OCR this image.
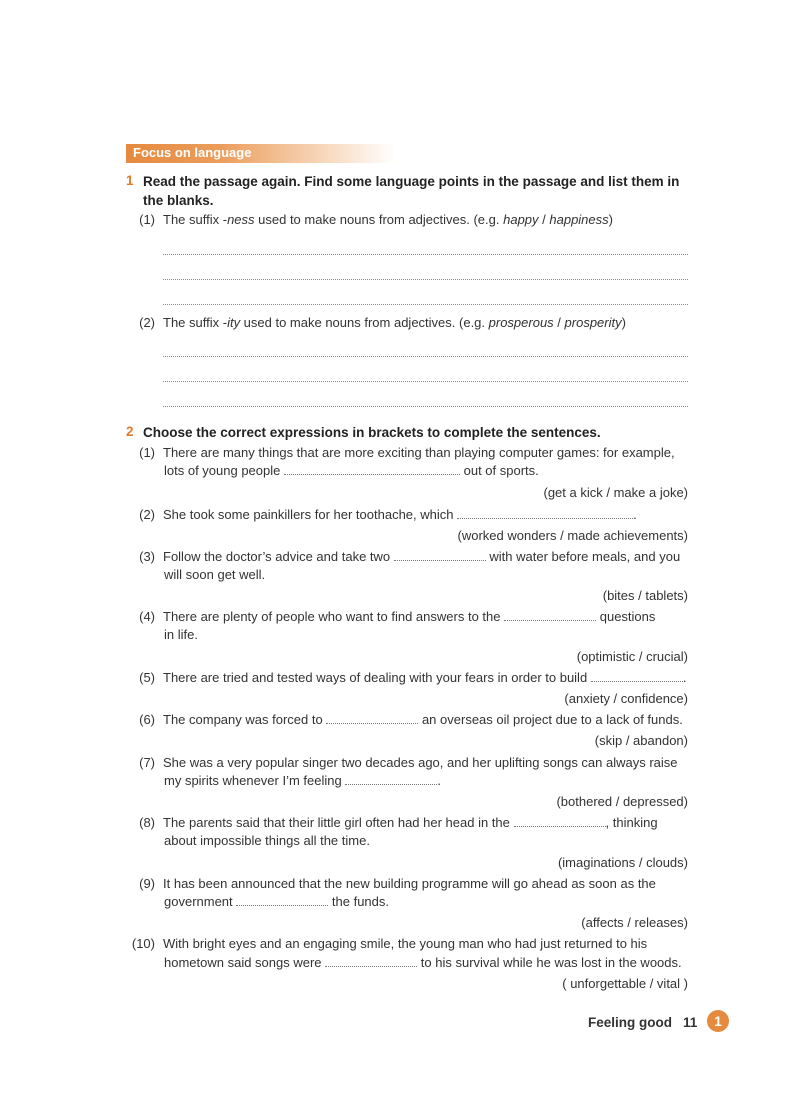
Focus on language
1 Read the passage again. Find some language points in the passage and list them in the blanks.
(1) The suffix -ness used to make nouns from adjectives. (e.g. happy / happiness)
(2) The suffix -ity used to make nouns from adjectives. (e.g. prosperous / prosperity)
2 Choose the correct expressions in brackets to complete the sentences.
(1) There are many things that are more exciting than playing computer games: for example,
lots of young people	out of sports.
(get a kick / make a joke)
(2) She took some painkillers for her toothache, which	.
(worked wonders / made achievements)
(3) Follow the doctor’s advice and take two	with water before meals, and you
will soon get well.
(bites / tablets)
(4) There are plenty of people who want to find answers to the	questions
in life.
(optimistic / crucial)
(5) There are tried and tested ways of dealing with your fears in order to build	.
(anxiety / confidence)
(6) The company was forced to	an overseas oil project due to a lack of funds.
(skip / abandon)
(7) She was a very popular singer two decades ago, and her uplifting songs can always raise
my spirits whenever I’m feeling	.
(bothered / depressed)
(8) The parents said that their little girl often had her head in the	, thinking
about impossible things all the time.
(imaginations / clouds)
(9) It has been announced that the new building programme will go ahead as soon as the
government	the funds.
(affects / releases)
(10) With bright eyes and an engaging smile, the young man who had just returned to his
hometown said songs were	to his survival while he was lost in the woods.
( unforgettable / vital )
Feeling good 11	1
